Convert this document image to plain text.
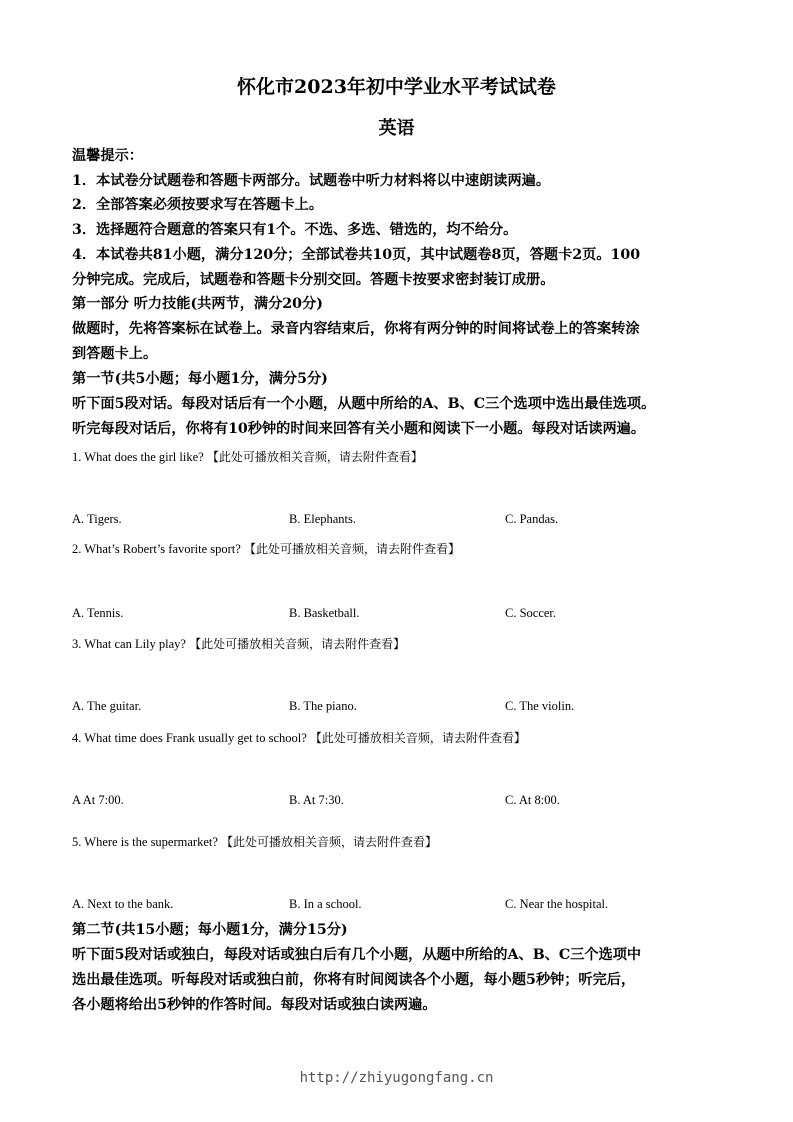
怀化市2023年初中学业水平考试试卷
英语
温馨提示：
1．本试卷分试题卷和答题卡两部分。试题卷中听力材料将以中速朗读两遍。
2．全部答案必须按要求写在答题卡上。
3．选择题符合题意的答案只有1个。不选、多选、错选的，均不给分。
4．本试卷共81小题，满分120分；全部试卷共10页，其中试题卷8页，答题卡2页。100
分钟完成。完成后，试题卷和答题卡分别交回。答题卡按要求密封装订成册。
第一部分 听力技能(共两节，满分20分)
做题时，先将答案标在试卷上。录音内容结束后，你将有两分钟的时间将试卷上的答案转涂
到答题卡上。
第一节(共5小题；每小题1分，满分5分)
听下面5段对话。每段对话后有一个小题，从题中所给的A、B、C三个选项中选出最佳选项。
听完每段对话后，你将有10秒钟的时间来回答有关小题和阅读下一小题。每段对话读两遍。
1. What does the girl like? 【此处可播放相关音频，请去附件查看】
A. Tigers.	B. Elephants.	C. Pandas.
2. What’s Robert’s favorite sport? 【此处可播放相关音频，请去附件查看】
A. Tennis.	B. Basketball.	C. Soccer.
3. What can Lily play? 【此处可播放相关音频，请去附件查看】
A. The guitar.	B. The piano.	C. The violin.
4. What time does Frank usually get to school? 【此处可播放相关音频，请去附件查看】
A At 7:00.	B. At 7:30.	C. At 8:00.
5. Where is the supermarket? 【此处可播放相关音频，请去附件查看】
A. Next to the bank.	B. In a school.	C. Near the hospital.
第二节(共15小题；每小题1分，满分15分)
听下面5段对话或独白，每段对话或独白后有几个小题，从题中所给的A、B、C三个选项中
选出最佳选项。听每段对话或独白前，你将有时间阅读各个小题，每小题5秒钟；听完后，
各小题将给出5秒钟的作答时间。每段对话或独白读两遍。
http://zhiyugongfang.cn
